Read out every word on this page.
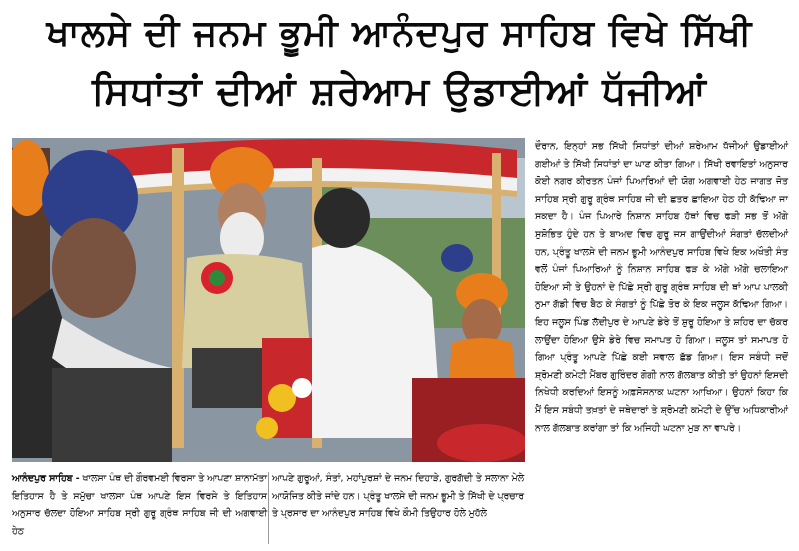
ਖਾਲਸੇ ਦੀ ਜਨਮ ਭੂਮੀ ਆਨੰਦਪੁਰ ਸਾਹਿਬ ਵਿਖੇ ਸਿੱਖੀ
ਸਿਧਾਂਤਾਂ ਦੀਆਂ ਸ਼ਰੇਆਮ ਉਡਾਈਆਂ ਧੱਜੀਆਂ
ਆਨੰਦਪੁਰ ਸਾਹਿਬ - ਖਾਲਸਾ ਪੰਥ ਦੀ ਗੌਰਵਮਈ ਵਿਰਸਾ ਤੇ ਆਪਣਾ ਸ਼ਾਨਾਮੱਤਾ ਇਤਿਹਾਸ ਹੈ ਤੇ ਸਮੁੱਚਾ ਖਾਲਸਾ ਪੰਥ ਆਪਣੇ ਇਸ ਵਿਰਸੇ ਤੇ ਇਤਿਹਾਸ ਅਨੁਸਾਰ ਚੱਲਦਾ ਹੋਇਆ ਸਾਹਿਬ ਸ੍ਰੀ ਗੁਰੂ ਗ੍ਰੰਥ ਸਾਹਿਬ ਜੀ ਦੀ ਅਗਵਾਈ ਹੇਠ
ਆਪਣੇ ਗੁਰੂਆਂ, ਸੰਤਾਂ, ਮਹਾਂਪੁਰਸ਼ਾਂ ਦੇ ਜਨਮ ਦਿਹਾੜੇ, ਗੁਰਗੱਦੀ ਤੇ ਸਲਾਨਾ ਮੇਲੇ ਆਯੋਜਿਤ ਕੀਤੇ ਜਾਂਦੇ ਹਨ। ਪ੍ਰੰਤੂ ਖਾਲਸੇ ਦੀ ਜਨਮ ਭੂਮੀ ਤੇ ਸਿੱਖੀ ਦੇ ਪ੍ਰਚਾਰ ਤੇ ਪ੍ਰਸਾਰ ਦਾ ਆਨੰਦਪੁਰ ਸਾਹਿਬ ਵਿਖੇ ਕੌਮੀ ਤਿਉਹਾਰ ਹੋਲੇ ਮੁਹੱਲੇ
ਦੌਰਾਨ, ਇਨ੍ਹਾਂ ਸਭ ਸਿੱਖੀ ਸਿਧਾਂਤਾਂ ਦੀਆਂ ਸ਼ਰੇਆਮ ਧੱਜੀਆਂ ਉਡਾਈਆਂ ਗਈਆਂ ਤੇ ਸਿੱਖੀ ਸਿਧਾਂਤਾਂ ਦਾ ਘਾਣ ਕੀਤਾ ਗਿਆ। ਸਿੱਖੀ ਰਵਾਇਤਾਂ ਅਨੁਸਾਰ ਕੋਈ ਨਗਰ ਕੀਰਤਨ ਪੰਜਾਂ ਪਿਆਰਿਆਂ ਦੀ ਯੋਗ ਅਗਵਾਈ ਹੇਠ ਜਾਗਤ ਜੋਤ ਸਾਹਿਬ ਸ੍ਰੀ ਗੁਰੂ ਗ੍ਰੰਥ ਸਾਹਿਬ ਜੀ ਦੀ ਛਤਰ ਛਾਇਆ ਹੇਠ ਹੀ ਕੱਢਿਆ ਜਾ ਸਕਦਾ ਹੈ। ਪੰਜ ਪਿਆਰੇ ਨਿਸ਼ਾਨ ਸਾਹਿਬ ਹੱਥਾਂ ਵਿਚ ਫੜੀ ਸਭ ਤੋਂ ਅੱਗੇ ਸੁਸ਼ੋਭਿਤ ਹੁੰਦੇ ਹਨ ਤੇ ਬਾਅਦ ਵਿਚ ਗੁਰੂ ਜਸ ਗਾਉਂਦੀਆਂ ਸੰਗਤਾਂ ਚੱਲਦੀਆਂ ਹਨ, ਪ੍ਰੰਤੂ ਖਾਲਸੇ ਦੀ ਜਨਮ ਭੂਮੀ ਆਨੰਦਪੁਰ ਸਾਹਿਬ ਵਿਖੇ ਇਕ ਅਖੌਤੀ ਸੰਤ ਵਲੋਂ ਪੰਜਾਂ ਪਿਆਰਿਆਂ ਨੂੰ ਨਿਸ਼ਾਨ ਸਾਹਿਬ ਫੜ ਕੇ ਅੱਗੇ ਅੱਗੇ ਚਲਾਇਆ ਹੋਇਆ ਸੀ ਤੇ ਉਹਨਾਂ ਦੇ ਪਿੱਛੇ ਸ੍ਰੀ ਗੁਰੂ ਗ੍ਰੰਥ ਸਾਹਿਬ ਦੀ ਥਾਂ ਆਪ ਪਾਲਕੀ ਨੁਮਾ ਗੱਡੀ ਵਿਚ ਬੈਠ ਕੇ ਸੰਗਤਾਂ ਨੂੰ ਪਿੱਛੇ ਤੋਰ ਕੇ ਇਕ ਜਲੂਸ ਕੱਢਿਆ ਗਿਆ। ਇਹ ਜਲੂਸ ਪਿੰਡ ਲੱਦੀਪੁਰ ਦੇ ਆਪਣੇ ਡੇਰੇ ਤੋਂ ਸ਼ੁਰੂ ਹੋਇਆ ਤੇ ਸ਼ਹਿਰ ਦਾ ਚੱਕਰ ਲਾਉਂਦਾ ਹੋਇਆ ਉਸੇ ਡੇਰੇ ਵਿਚ ਸਮਾਪਤ ਹੋ ਗਿਆ। ਜਲੂਸ ਤਾਂ ਸਮਾਪਤ ਹੋ ਗਿਆ ਪ੍ਰੰਤੂ ਆਪਣੇ ਪਿੱਛੇ ਕਈ ਸਵਾਲ ਛੱਡ ਗਿਆ। ਇਸ ਸਬੰਧੀ ਜਦੋਂ ਸ਼੍ਰੋਮਣੀ ਕਮੇਟੀ ਮੈਂਬਰ ਗੁਰਿੰਦਰ ਗੋਗੀ ਨਾਲ ਗੱਲਬਾਤ ਕੀਤੀ ਤਾਂ ਉਹਨਾਂ ਇਸਦੀ ਨਿਖੇਧੀ ਕਰਦਿਆਂ ਇਸਨੂੰ ਅਫ਼ਸੋਸਨਾਕ ਘਟਨਾ ਆਖਿਆ। ਉਹਨਾਂ ਕਿਹਾ ਕਿ ਮੈਂ ਇਸ ਸਬੰਧੀ ਤਖ਼ਤਾਂ ਦੇ ਜਥੇਦਾਰਾਂ ਤੇ ਸ਼੍ਰੋਮਣੀ ਕਮੇਟੀ ਦੇ ਉੱਚ ਅਧਿਕਾਰੀਆਂ ਨਾਲ ਗੱਲਬਾਤ ਕਰਾਂਗਾ ਤਾਂ ਕਿ ਅਜਿਹੀ ਘਟਨਾ ਮੁੜ ਨਾ ਵਾਪਰੇ।
